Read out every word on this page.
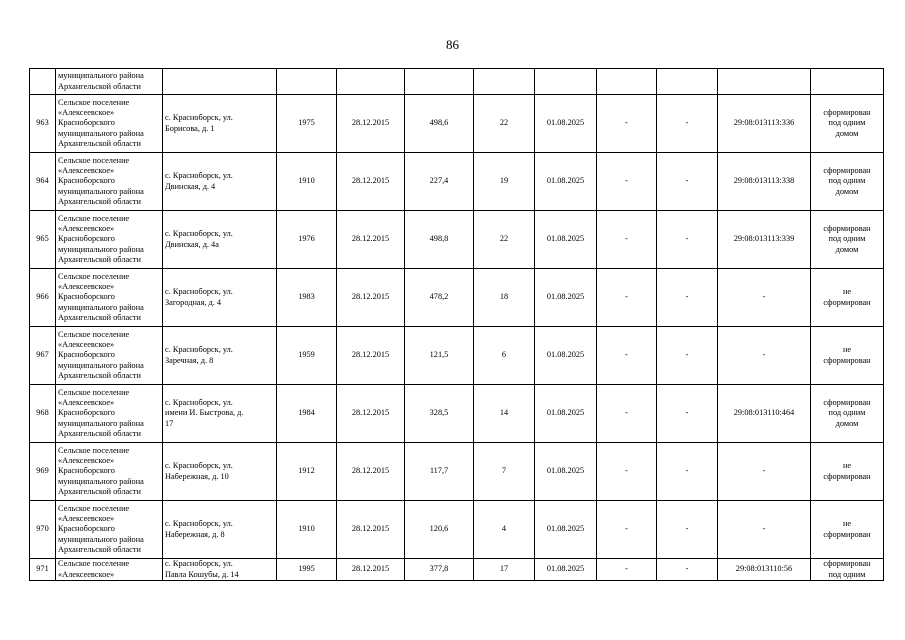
86

	муниципального района
Архангельской области										

963	Сельское поселение
«Алексеевское»
Красноборского
муниципального района
Архангельской области	с. Красноборск, ул.
Борисова, д. 1	1975	28.12.2015	498,6	22	01.08.2025	-	-	29:08:013113:336	сформирован
под одним
домом

964	Сельское поселение
«Алексеевское»
Красноборского
муниципального района
Архангельской области	с. Красноборск, ул.
Двинская, д. 4	1910	28.12.2015	227,4	19	01.08.2025	-	-	29:08:013113:338	сформирован
под одним
домом

965	Сельское поселение
«Алексеевское»
Красноборского
муниципального района
Архангельской области	с. Красноборск, ул.
Двинская, д. 4а	1976	28.12.2015	498,8	22	01.08.2025	-	-	29:08:013113:339	сформирован
под одним
домом

966	Сельское поселение
«Алексеевское»
Красноборского
муниципального района
Архангельской области	с. Красноборск, ул.
Загородная, д. 4	1983	28.12.2015	478,2	18	01.08.2025	-	-	-	не
сформирован

967	Сельское поселение
«Алексеевское»
Красноборского
муниципального района
Архангельской области	с. Красноборск, ул.
Заречная, д. 8	1959	28.12.2015	121,5	6	01.08.2025	-	-	-	не
сформирован

968	Сельское поселение
«Алексеевское»
Красноборского
муниципального района
Архангельской области	с. Красноборск, ул.
имени И. Быстрова, д.
17	1984	28.12.2015	328,5	14	01.08.2025	-	-	29:08:013110:464	сформирован
под одним
домом

969	Сельское поселение
«Алексеевское»
Красноборского
муниципального района
Архангельской области	с. Красноборск, ул.
Набережная, д. 10	1912	28.12.2015	117,7	7	01.08.2025	-	-	-	не
сформирован

970	Сельское поселение
«Алексеевское»
Красноборского
муниципального района
Архангельской области	с. Красноборск, ул.
Набережная, д. 8	1910	28.12.2015	120,6	4	01.08.2025	-	-	-	не
сформирован

971	Сельское поселение
«Алексеевское»	с. Красноборск, ул.
Павла Кошубы, д. 14	1995	28.12.2015	377,8	17	01.08.2025	-	-	29:08:013110:56	сформирован
под одним
